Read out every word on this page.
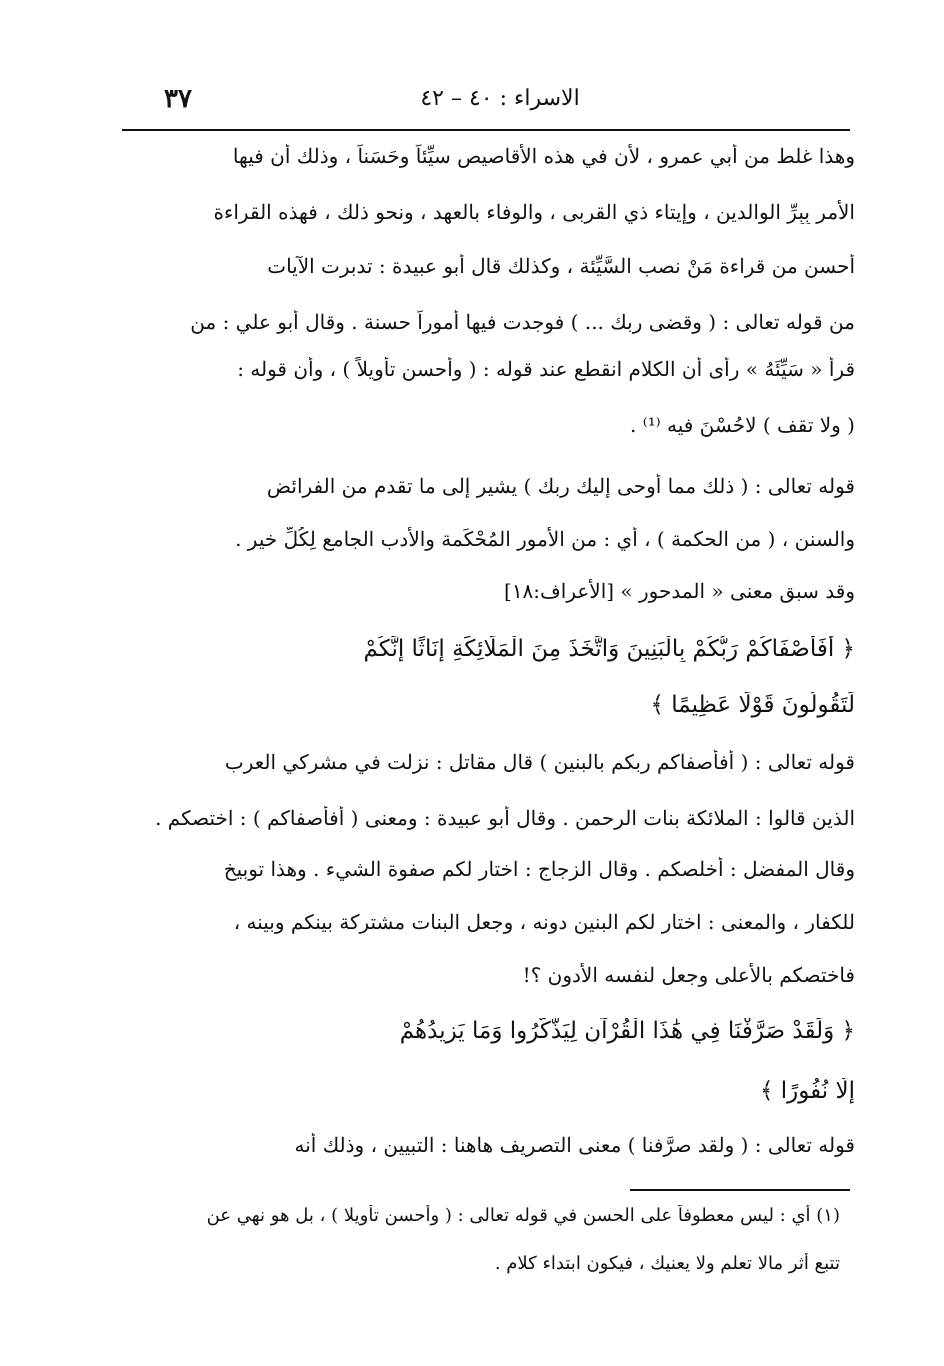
٣٧	الاسراء : ٤٠ – ٤٢
وهذا غلط من أبي عمرو ، لأن في هذه الأقاصيص سيِّئاً وحَسَناً ، وذلك أن فيها
الأمر بِبِرِّ الوالدين ، وإيتاء ذي القربى ، والوفاء بالعهد ، ونحو ذلك ، فهذه القراءة
أحسن من قراءة مَنْ نصب السَّيِّئة ، وكذلك قال أبو عبيدة : تدبرت الآيات
من قوله تعالى : ( وقضى ربك ... ) فوجدت فيها أموراً حسنة . وقال أبو علي : من
قرأ « سَيِّئَهُ » رأى أن الكلام انقطع عند قوله : ( وأحسن تأويلاً ) ، وأن قوله :
( ولا تقف ) لاحُسْنَ فيه ⁽¹⁾ .
قوله تعالى : ( ذلك مما أوحى إليك ربك ) يشير إلى ما تقدم من الفرائض
والسنن ، ( من الحكمة ) ، أي : من الأمور المُحْكَمة والأدب الجامع لِكُلِّ خير .
وقد سبق معنى « المدحور » [الأعراف:١٨]
﴿ أَفَأَصْفَاكُمْ رَبُّكُمْ بِالْبَنِينَ وَاتَّخَذَ مِنَ الْمَلَائِكَةِ إِنَاثًا إِنَّكُمْ
لَتَقُولُونَ قَوْلًا عَظِيمًا ﴾
قوله تعالى : ( أفأصفاكم ربكم بالبنين ) قال مقاتل : نزلت في مشركي العرب
الذين قالوا : الملائكة بنات الرحمن . وقال أبو عبيدة : ومعنى ( أفأصفاكم ) : اختصكم .
وقال المفضل : أخلصكم . وقال الزجاج : اختار لكم صفوة الشيء . وهذا توبيخ
للكفار ، والمعنى : اختار لكم البنين دونه ، وجعل البنات مشتركة بينكم وبينه ،
فاختصكم بالأعلى وجعل لنفسه الأدون ؟!
﴿ وَلَقَدْ صَرَّفْنَا فِي هَٰذَا الْقُرْآنِ لِيَذَّكَّرُوا وَمَا يَزِيدُهُمْ
إِلَّا نُفُورًا ﴾
قوله تعالى : ( ولقد صرَّفنا ) معنى التصريف هاهنا : التبيين ، وذلك أنه
(١) أي : ليس معطوفاً على الحسن في قوله تعالى : ( وأحسن تأويلا ) ، بل هو نهي عن
تتبع أثر مالا تعلم ولا يعنيك ، فيكون ابتداء كلام .
